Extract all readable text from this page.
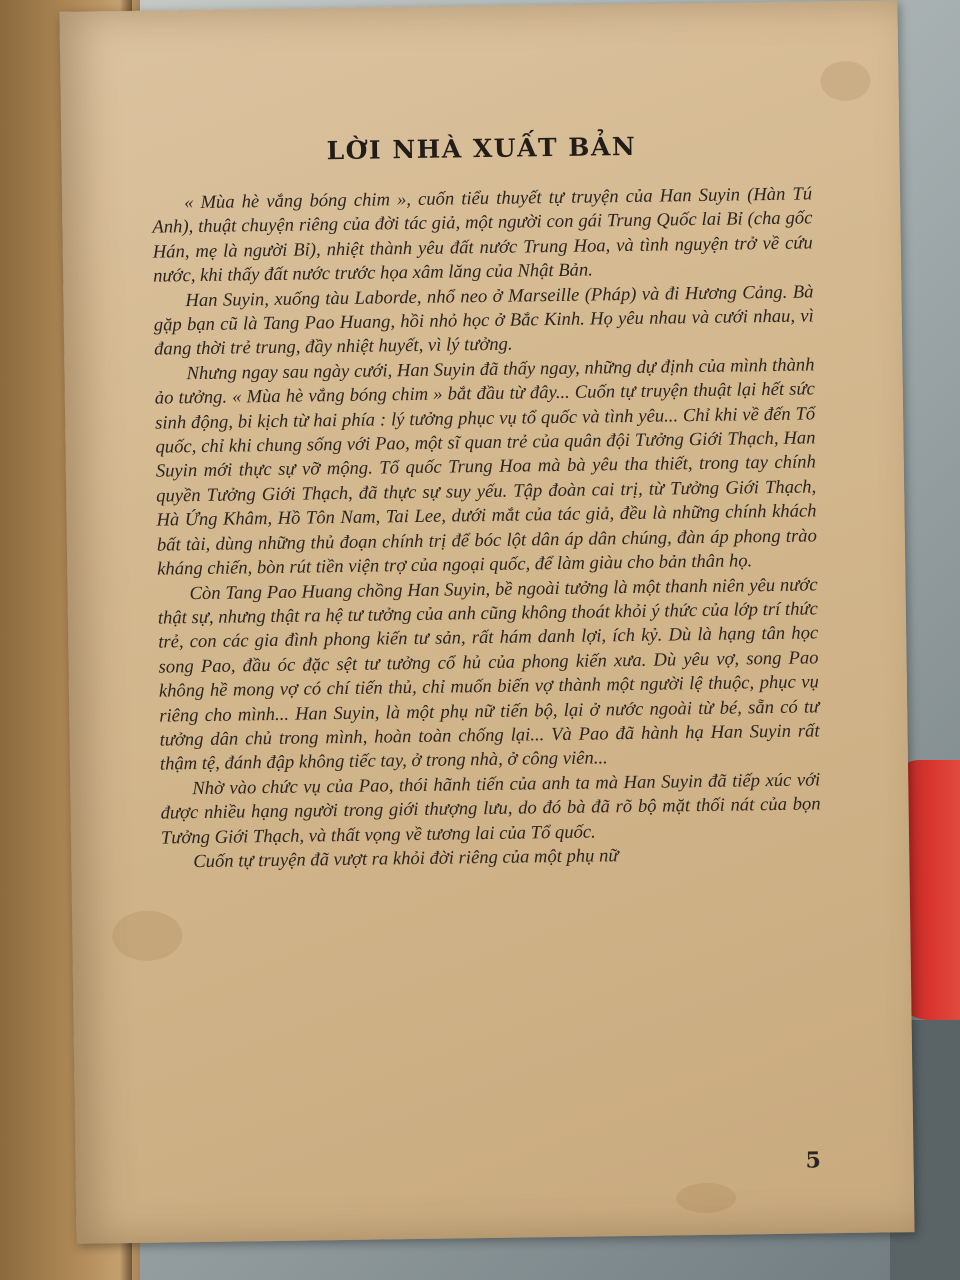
LỜI NHÀ XUẤT BẢN

« Mùa hè vắng bóng chim », cuốn tiểu thuyết tự truyện của Han Suyin (Hàn Tú Anh), thuật chuyện riêng của đời tác giả, một người con gái Trung Quốc lai Bỉ (cha gốc Hán, mẹ là người Bỉ), nhiệt thành yêu đất nước Trung Hoa, và tình nguyện trở về cứu nước, khi thấy đất nước trước họa xâm lăng của Nhật Bản.

Han Suyin, xuống tàu Laborde, nhổ neo ở Marseille (Pháp) và đi Hương Cảng. Bà gặp bạn cũ là Tang Pao Huang, hồi nhỏ học ở Bắc Kinh. Họ yêu nhau và cưới nhau, vì đang thời trẻ trung, đầy nhiệt huyết, vì lý tưởng.

Nhưng ngay sau ngày cưới, Han Suyin đã thấy ngay, những dự định của mình thành ảo tưởng. « Mùa hè vắng bóng chim » bắt đầu từ đây... Cuốn tự truyện thuật lại hết sức sinh động, bi kịch từ hai phía : lý tưởng phục vụ tổ quốc và tình yêu... Chỉ khi về đến Tổ quốc, chỉ khi chung sống với Pao, một sĩ quan trẻ của quân đội Tưởng Giới Thạch, Han Suyin mới thực sự vỡ mộng. Tổ quốc Trung Hoa mà bà yêu tha thiết, trong tay chính quyền Tưởng Giới Thạch, đã thực sự suy yếu. Tập đoàn cai trị, từ Tưởng Giới Thạch, Hà Ứng Khâm, Hồ Tôn Nam, Tai Lee, dưới mắt của tác giả, đều là những chính khách bất tài, dùng những thủ đoạn chính trị để bóc lột dân áp dân chúng, đàn áp phong trào kháng chiến, bòn rút tiền viện trợ của ngoại quốc, để làm giàu cho bản thân họ.

Còn Tang Pao Huang chồng Han Suyin, bề ngoài tưởng là một thanh niên yêu nước thật sự, nhưng thật ra hệ tư tưởng của anh cũng không thoát khỏi ý thức của lớp trí thức trẻ, con các gia đình phong kiến tư sản, rất hám danh lợi, ích kỷ. Dù là hạng tân học song Pao, đầu óc đặc sệt tư tưởng cổ hủ của phong kiến xưa. Dù yêu vợ, song Pao không hề mong vợ có chí tiến thủ, chỉ muốn biến vợ thành một người lệ thuộc, phục vụ riêng cho mình... Han Suyin, là một phụ nữ tiến bộ, lại ở nước ngoài từ bé, sẵn có tư tưởng dân chủ trong mình, hoàn toàn chống lại... Và Pao đã hành hạ Han Suyin rất thậm tệ, đánh đập không tiếc tay, ở trong nhà, ở công viên...

Nhờ vào chức vụ của Pao, thói hãnh tiến của anh ta mà Han Suyin đã tiếp xúc với được nhiều hạng người trong giới thượng lưu, do đó bà đã rõ bộ mặt thối nát của bọn Tưởng Giới Thạch, và thất vọng về tương lai của Tổ quốc.

Cuốn tự truyện đã vượt ra khỏi đời riêng của một phụ nữ

5
